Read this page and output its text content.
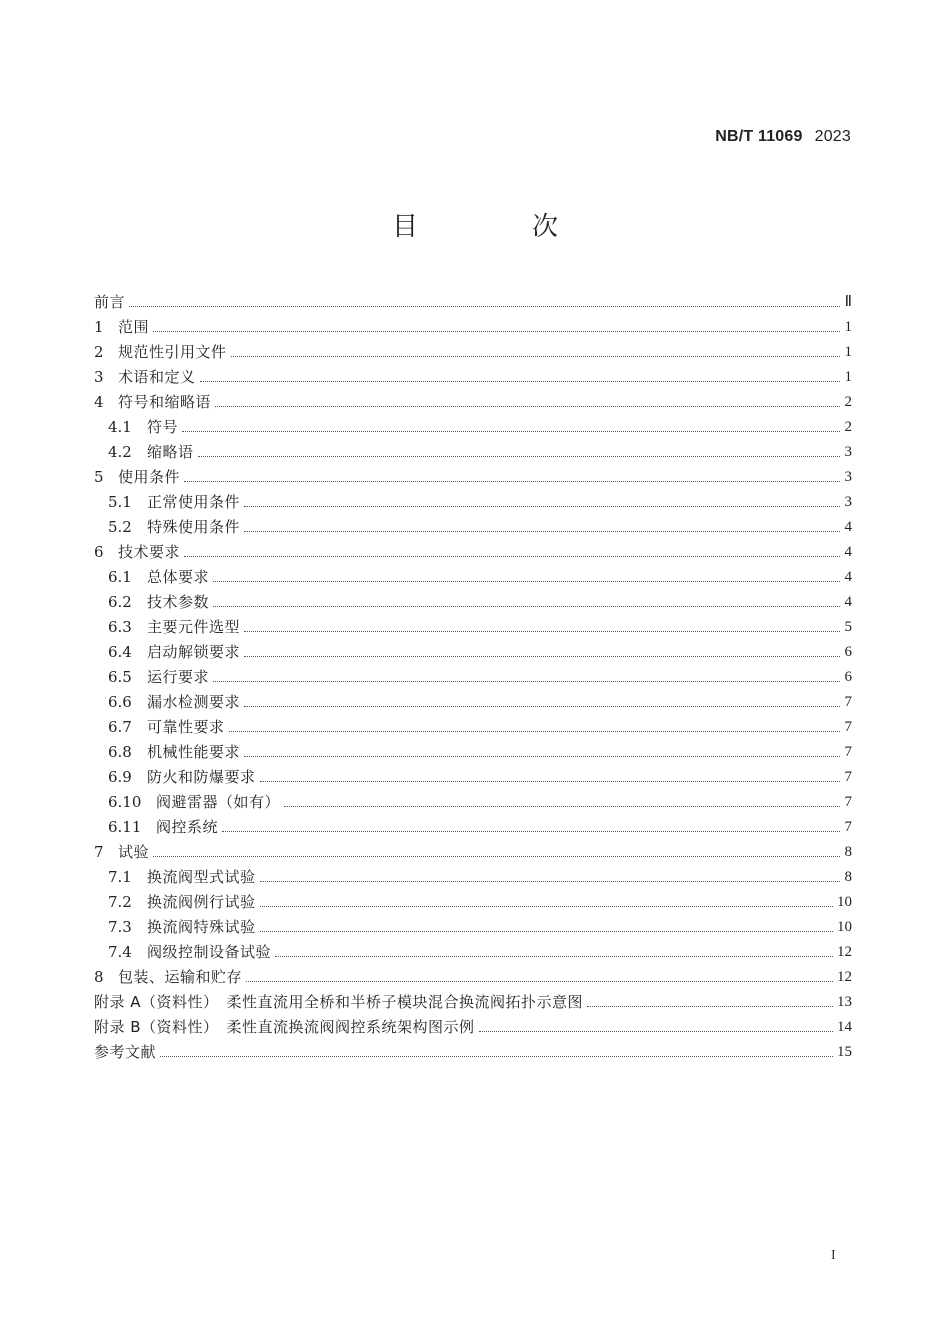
NB/T 11069 2023
目　次
前言	Ⅱ
1 范围	1
2 规范性引用文件	1
3 术语和定义	1
4 符号和缩略语	2
4.1	符号	2
4.2	缩略语	3
5 使用条件	3
5.1	正常使用条件	3
5.2	特殊使用条件	4
6 技术要求	4
6.1	总体要求	4
6.2	技术参数	4
6.3	主要元件选型	5
6.4	启动解锁要求	6
6.5	运行要求	6
6.6	漏水检测要求	7
6.7	可靠性要求	7
6.8	机械性能要求	7
6.9	防火和防爆要求	7
6.10 阀避雷器（如有）	7
6.11 阀控系统	7
7 试验	8
7.1	换流阀型式试验	8
7.2	换流阀例行试验	10
7.3	换流阀特殊试验	10
7.4	阀级控制设备试验	12
8 包装、运输和贮存	12
附录 A（资料性）　柔性直流用全桥和半桥子模块混合换流阀拓扑示意图	13
附录 B（资料性）　柔性直流换流阀阀控系统架构图示例	14
参考文献	15
I
